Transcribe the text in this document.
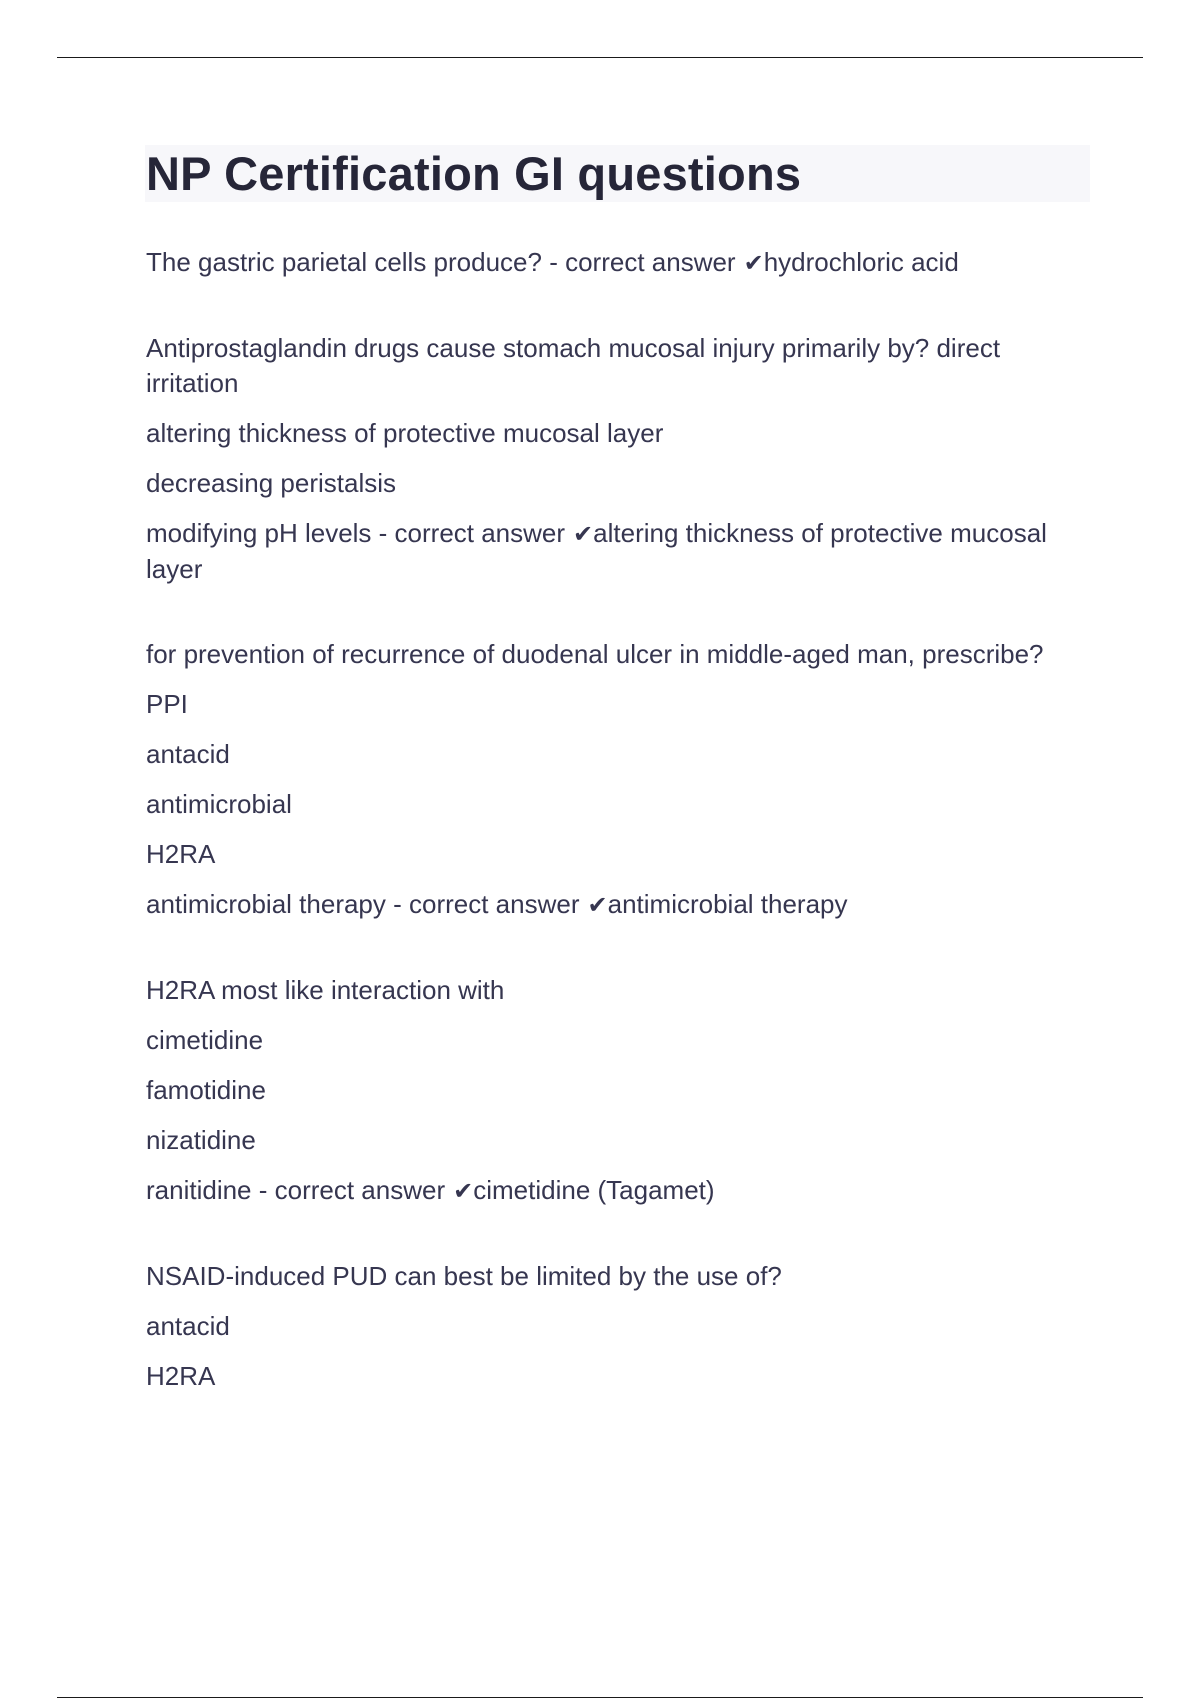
NP Certification GI questions

The gastric parietal cells produce? - correct answer ✔hydrochloric acid

Antiprostaglandin drugs cause stomach mucosal injury primarily by? direct irritation

altering thickness of protective mucosal layer

decreasing peristalsis

modifying pH levels - correct answer ✔altering thickness of protective mucosal layer

for prevention of recurrence of duodenal ulcer in middle-aged man, prescribe?

PPI

antacid

antimicrobial

H2RA

antimicrobial therapy - correct answer ✔antimicrobial therapy

H2RA most like interaction with

cimetidine

famotidine

nizatidine

ranitidine - correct answer ✔cimetidine (Tagamet)

NSAID-induced PUD can best be limited by the use of?

antacid

H2RA
